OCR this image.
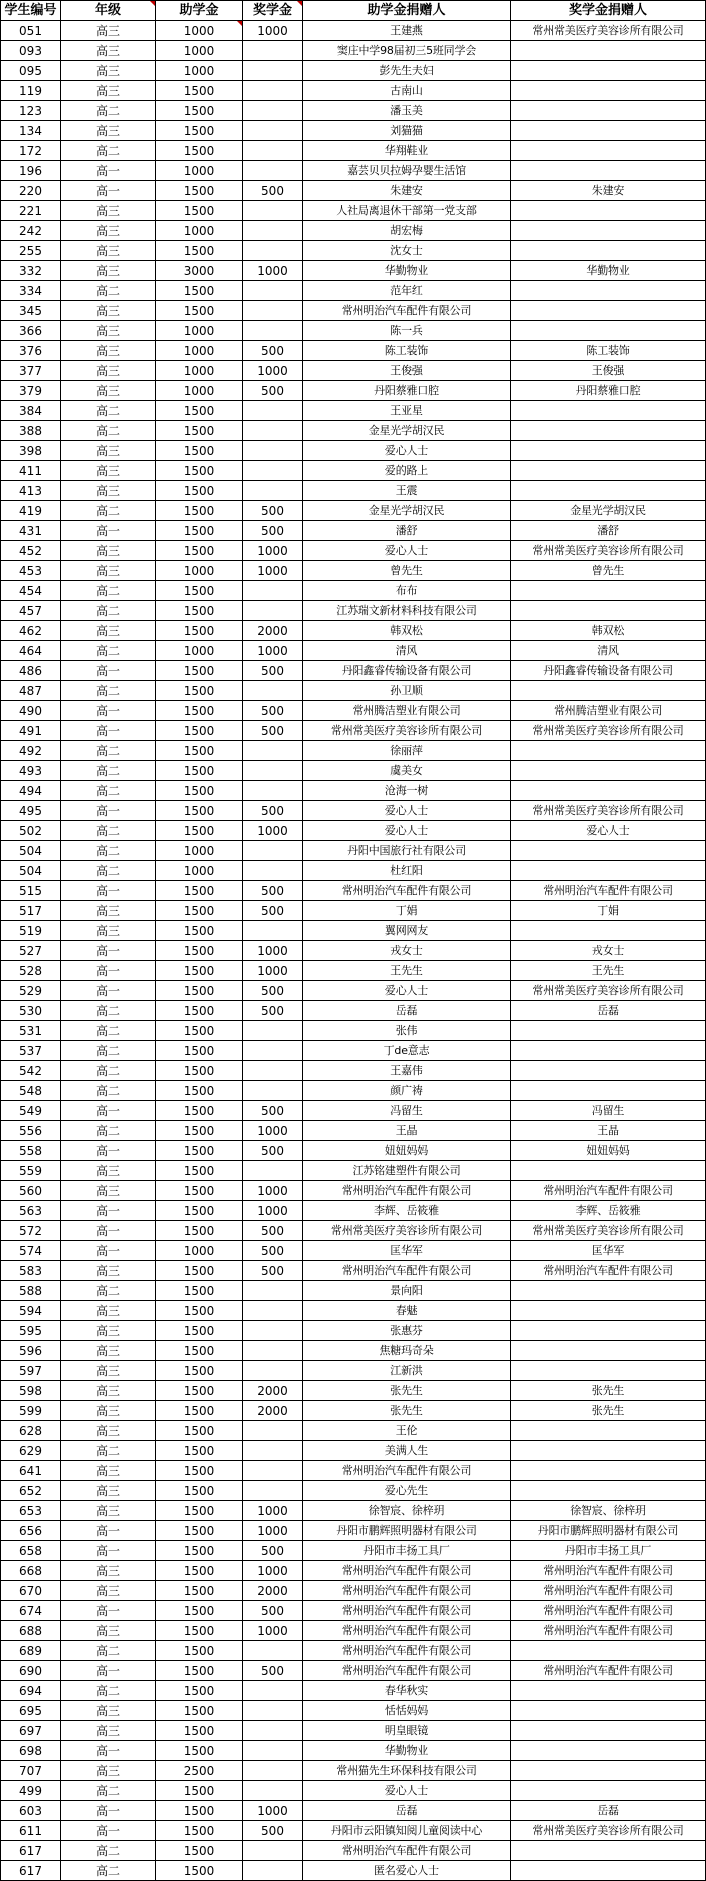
学生编号	年级	助学金	奖学金	助学金捐赠人	奖学金捐赠人
051	高三	1000	1000	王建燕	常州常美医疗美容诊所有限公司
093	高三	1000		窦庄中学98届初三5班同学会	
095	高三	1000		彭先生夫妇	
119	高三	1500		古南山	
123	高二	1500		潘玉美	
134	高三	1500		刘猫猫	
172	高二	1500		华翔鞋业	
196	高一	1000		嘉芸贝贝拉姆孕婴生活馆	
220	高一	1500	500	朱建安	朱建安
221	高三	1500		人社局离退休干部第一党支部	
242	高三	1000		胡宏梅	
255	高三	1500		沈女士	
332	高三	3000	1000	华勤物业	华勤物业
334	高二	1500		范年红	
345	高三	1500		常州明治汽车配件有限公司	
366	高三	1000		陈一兵	
376	高三	1000	500	陈工装饰	陈工装饰
377	高三	1000	1000	王俊强	王俊强
379	高三	1000	500	丹阳蔡雅口腔	丹阳蔡雅口腔
384	高二	1500		王亚星	
388	高二	1500		金星光学胡汉民	
398	高三	1500		爱心人士	
411	高三	1500		爱的路上	
413	高三	1500		王震	
419	高二	1500	500	金星光学胡汉民	金星光学胡汉民
431	高一	1500	500	潘舒	潘舒
452	高三	1500	1000	爱心人士	常州常美医疗美容诊所有限公司
453	高三	1000	1000	曾先生	曾先生
454	高二	1500		布布	
457	高二	1500		江苏瑞文新材料科技有限公司	
462	高三	1500	2000	韩双松	韩双松
464	高二	1000	1000	清风	清风
486	高一	1500	500	丹阳鑫睿传输设备有限公司	丹阳鑫睿传输设备有限公司
487	高二	1500		孙卫顺	
490	高一	1500	500	常州腾洁塑业有限公司	常州腾洁塑业有限公司
491	高一	1500	500	常州常美医疗美容诊所有限公司	常州常美医疗美容诊所有限公司
492	高二	1500		徐丽萍	
493	高二	1500		虞美女	
494	高二	1500		沧海一树	
495	高一	1500	500	爱心人士	常州常美医疗美容诊所有限公司
502	高二	1500	1000	爱心人士	爱心人士
504	高二	1000		丹阳中国旅行社有限公司	
504	高二	1000		杜红阳	
515	高一	1500	500	常州明治汽车配件有限公司	常州明治汽车配件有限公司
517	高三	1500	500	丁娟	丁娟
519	高三	1500		翼网网友	
527	高一	1500	1000	戎女士	戎女士
528	高一	1500	1000	王先生	王先生
529	高一	1500	500	爱心人士	常州常美医疗美容诊所有限公司
530	高二	1500	500	岳磊	岳磊
531	高二	1500		张伟	
537	高二	1500		丁de意志	
542	高二	1500		王嘉伟	
548	高二	1500		颜广祷	
549	高一	1500	500	冯留生	冯留生
556	高二	1500	1000	王晶	王晶
558	高一	1500	500	妞妞妈妈	妞妞妈妈
559	高三	1500		江苏铭建塑件有限公司	
560	高三	1500	1000	常州明治汽车配件有限公司	常州明治汽车配件有限公司
563	高一	1500	1000	李辉、岳筱雅	李辉、岳筱雅
572	高一	1500	500	常州常美医疗美容诊所有限公司	常州常美医疗美容诊所有限公司
574	高一	1000	500	匡华军	匡华军
583	高三	1500	500	常州明治汽车配件有限公司	常州明治汽车配件有限公司
588	高二	1500		景向阳	
594	高三	1500		春魅	
595	高三	1500		张惠芬	
596	高三	1500		焦糖玛奇朵	
597	高三	1500		江新洪	
598	高三	1500	2000	张先生	张先生
599	高三	1500	2000	张先生	张先生
628	高三	1500		王伦	
629	高二	1500		美满人生	
641	高三	1500		常州明治汽车配件有限公司	
652	高三	1500		爱心先生	
653	高三	1500	1000	徐智宸、徐梓玥	徐智宸、徐梓玥
656	高一	1500	1000	丹阳市鹏辉照明器材有限公司	丹阳市鹏辉照明器材有限公司
658	高一	1500	500	丹阳市丰扬工具厂	丹阳市丰扬工具厂
668	高三	1500	1000	常州明治汽车配件有限公司	常州明治汽车配件有限公司
670	高三	1500	2000	常州明治汽车配件有限公司	常州明治汽车配件有限公司
674	高一	1500	500	常州明治汽车配件有限公司	常州明治汽车配件有限公司
688	高三	1500	1000	常州明治汽车配件有限公司	常州明治汽车配件有限公司
689	高二	1500		常州明治汽车配件有限公司	
690	高一	1500	500	常州明治汽车配件有限公司	常州明治汽车配件有限公司
694	高二	1500		春华秋实	
695	高三	1500		恬恬妈妈	
697	高三	1500		明皇眼镜	
698	高一	1500		华勤物业	
707	高三	2500		常州猫先生环保科技有限公司	
499	高二	1500		爱心人士	
603	高一	1500	1000	岳磊	岳磊
611	高一	1500	500	丹阳市云阳镇知阅儿童阅读中心	常州常美医疗美容诊所有限公司
617	高二	1500		常州明治汽车配件有限公司	
617	高二	1500		匿名爱心人士	
